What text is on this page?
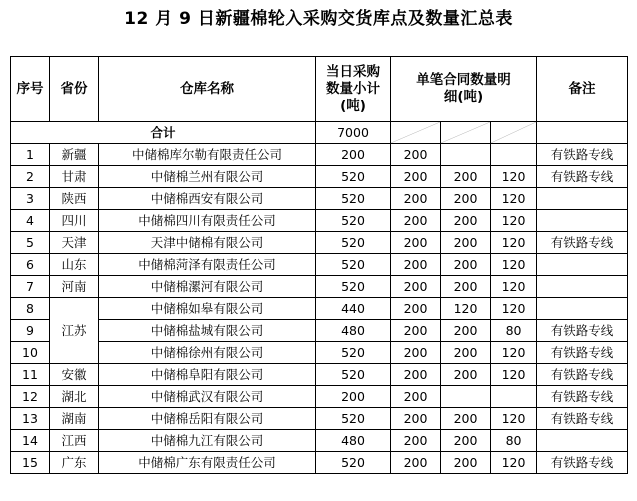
12 月 9 日新疆棉轮入采购交货库点及数量汇总表
序号	省份	仓库名称	当日采购数量小计(吨)	单笔合同数量明细(吨)			备注
合计			7000				
1	新疆	中储棉库尔勒有限责任公司	200	200			有铁路专线
2	甘肃	中储棉兰州有限公司	520	200	200	120	有铁路专线
3	陕西	中储棉西安有限公司	520	200	200	120	
4	四川	中储棉四川有限责任公司	520	200	200	120	
5	天津	天津中储棉有限公司	520	200	200	120	有铁路专线
6	山东	中储棉菏泽有限责任公司	520	200	200	120	
7	河南	中储棉漯河有限公司	520	200	200	120	
8	江苏	中储棉如皋有限公司	440	200	120	120	
9		中储棉盐城有限公司	480	200	200	80	有铁路专线
10		中储棉徐州有限公司	520	200	200	120	有铁路专线
11	安徽	中储棉阜阳有限公司	520	200	200	120	有铁路专线
12	湖北	中储棉武汉有限公司	200	200			有铁路专线
13	湖南	中储棉岳阳有限公司	520	200	200	120	有铁路专线
14	江西	中储棉九江有限公司	480	200	200	80	
15	广东	中储棉广东有限责任公司	520	200	200	120	有铁路专线
